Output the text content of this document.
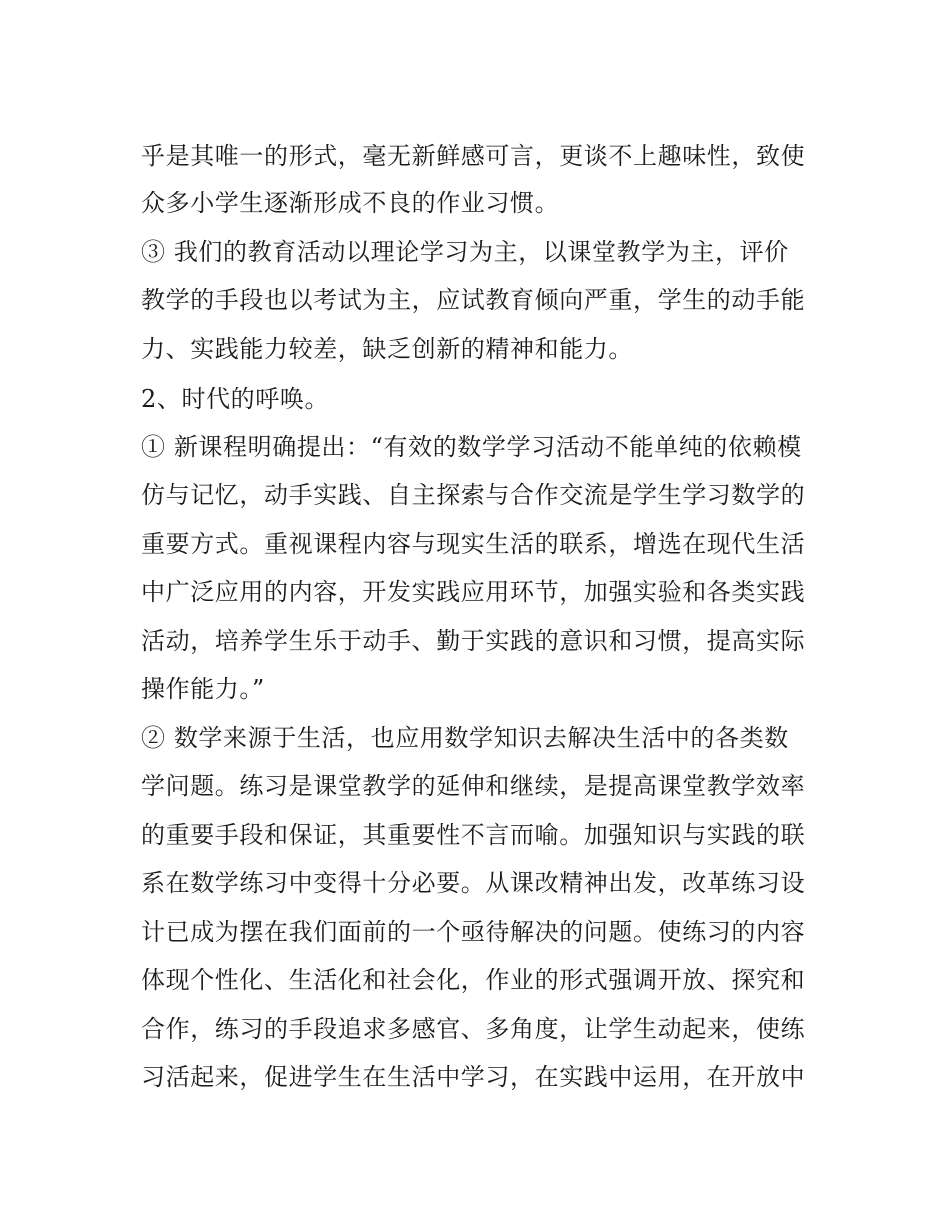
乎是其唯一的形式，毫无新鲜感可言，更谈不上趣味性，致使
众多小学生逐渐形成不良的作业习惯。
③ 我们的教育活动以理论学习为主，以课堂教学为主，评价
教学的手段也以考试为主，应试教育倾向严重，学生的动手能
力、实践能力较差，缺乏创新的精神和能力。
2、时代的呼唤。
① 新课程明确提出：“有效的数学学习活动不能单纯的依赖模
仿与记忆，动手实践、自主探索与合作交流是学生学习数学的
重要方式。重视课程内容与现实生活的联系，增选在现代生活
中广泛应用的内容，开发实践应用环节，加强实验和各类实践
活动，培养学生乐于动手、勤于实践的意识和习惯，提高实际
操作能力。”
② 数学来源于生活，也应用数学知识去解决生活中的各类数
学问题。练习是课堂教学的延伸和继续，是提高课堂教学效率
的重要手段和保证，其重要性不言而喻。加强知识与实践的联
系在数学练习中变得十分必要。从课改精神出发，改革练习设
计已成为摆在我们面前的一个亟待解决的问题。使练习的内容
体现个性化、生活化和社会化，作业的形式强调开放、探究和
合作，练习的手段追求多感官、多角度，让学生动起来，使练
习活起来，促进学生在生活中学习，在实践中运用，在开放中
